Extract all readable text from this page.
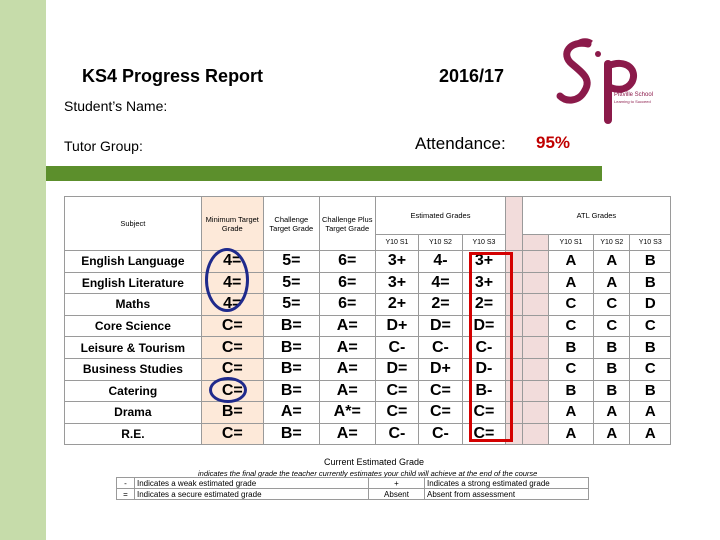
KS4 Progress Report	2016/17
Student’s Name:
Tutor Group:	Attendance: 95%
Pittville School
Learning to Succeed
Subject	Minimum Target Grade	Challenge Target Grade	Challenge Plus Target Grade	Estimated Grades				ATL Grades			
				Y10 S1	Y10 S2	Y10 S3			Y10 S1	Y10 S2	Y10 S3
English Language	4=	5=	6=	3+	4-	3+			A	A	B
English Literature	4=	5=	6=	3+	4=	3+			A	A	B
Maths	4=	5=	6=	2+	2=	2=			C	C	D
Core Science	C=	B=	A=	D+	D=	D=			C	C	C
Leisure & Tourism	C=	B=	A=	C-	C-	C-			B	B	B
Business Studies	C=	B=	A=	D=	D+	D-			C	B	C
Catering	C=	B=	A=	C=	C=	B-			B	B	B
Drama	B=	A=	A*=	C=	C=	C=			A	A	A
R.E.	C=	B=	A=	C-	C-	C=			A	A	A
Current Estimated Grade
indicates the final grade the teacher currently estimates your child will achieve at the end of the course
-	Indicates a weak estimated grade	+	Indicates a strong estimated grade
=	Indicates a secure estimated grade	Absent	Absent from assessment
